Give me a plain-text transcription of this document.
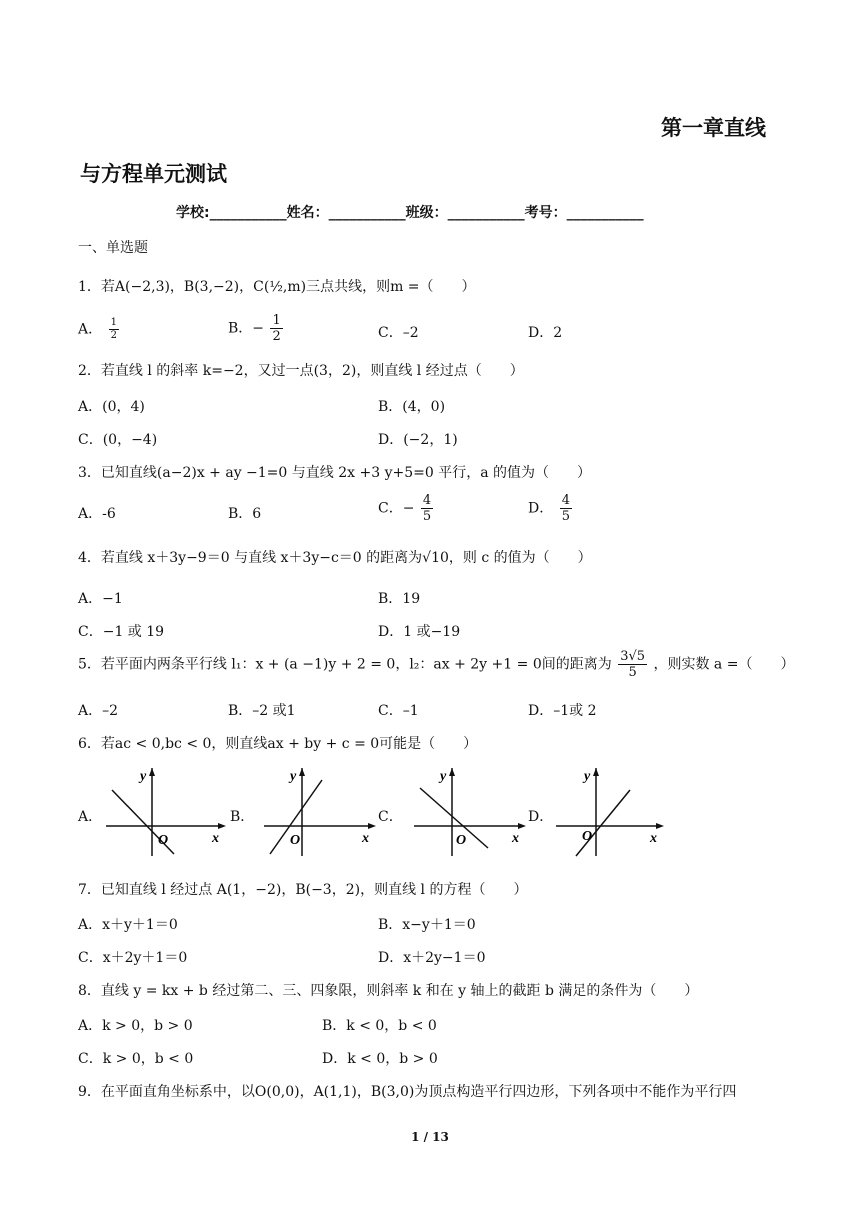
第一章直线
与方程单元测试
学校:___________姓名：___________班级：___________考号：___________
一、单选题
1．若A(−2,3)，B(3,−2)，C(½,m)三点共线，则m =（　　）
A． $\frac{1}{2}$	B．− $\frac{1}{2}$	C．–2	D．2
2．若直线 l 的斜率 k=−2，又过一点(3，2)，则直线 l 经过点（　　）
A．(0，4)	B．(4，0)
C．(0，−4)	D．(−2，1)
3．已知直线(a−2)x + ay −1=0 与直线 2x +3 y+5=0 平行，a 的值为（　　）
A．-6	B．6	C．− $\frac{4}{5}$	D． $\frac{4}{5}$
4．若直线 x＋3y−9＝0 与直线 x＋3y−c＝0 的距离为√10，则 c 的值为（　　）
A．−1	B．19
C．−1 或 19	D．1 或−19
5．若平面内两条平行线 l₁：x + (a −1)y + 2 = 0，l₂：ax + 2y +1 = 0间的距离为 $\frac{3√5}{5}$ ，则实数 a =（　　）
A．–2	B．–2 或1	C．–1	D．–1或 2
6．若ac < 0,bc < 0，则直线ax + by + c = 0可能是（　　）
A．	B．	C．	D．
y
x
O
y
x
O
y
x
O
y
x
O
7．已知直线 l 经过点 A(1，−2)，B(−3，2)，则直线 l 的方程（　　）
A．x＋y＋1＝0	B．x−y＋1＝0
C．x＋2y＋1＝0	D．x＋2y−1＝0
8．直线 y = kx + b 经过第二、三、四象限，则斜率 k 和在 y 轴上的截距 b 满足的条件为（　　）
A．k > 0，b > 0	B．k < 0，b < 0
C．k > 0，b < 0	D．k < 0，b > 0
9．在平面直角坐标系中，以O(0,0)，A(1,1)，B(3,0)为顶点构造平行四边形，下列各项中不能作为平行四
1 / 13
